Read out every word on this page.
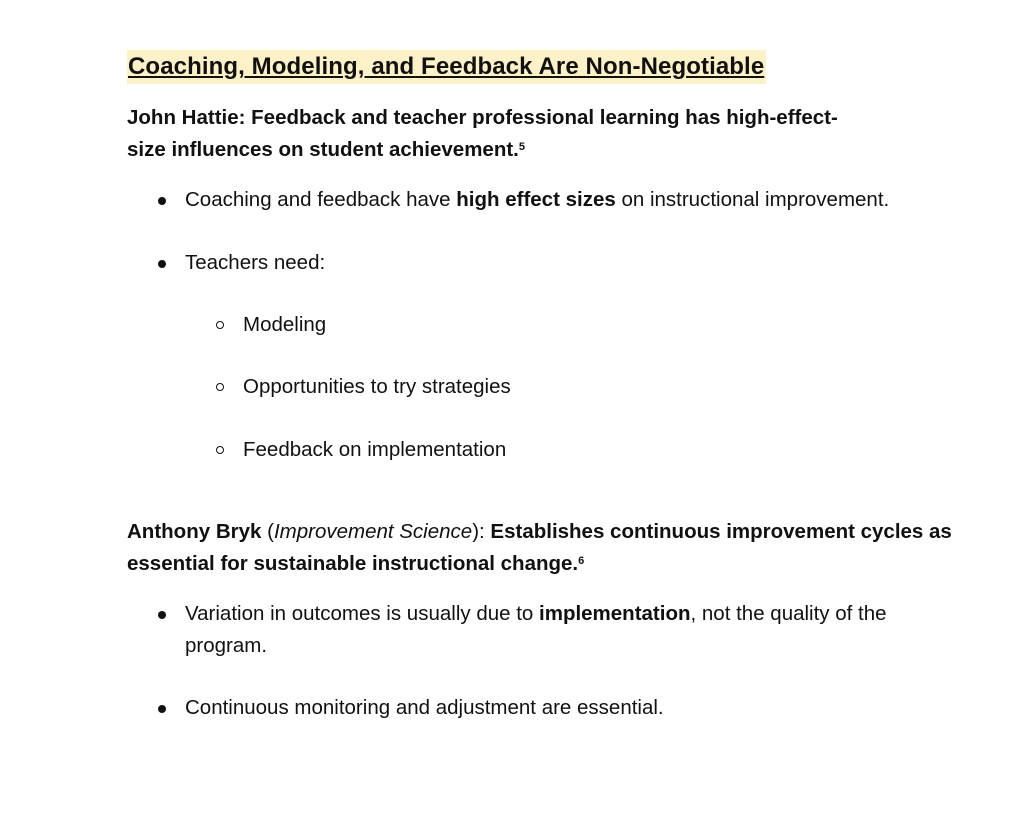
Coaching, Modeling, and Feedback Are Non-Negotiable

John Hattie: Feedback and teacher professional learning has high-effect-size influences on student achievement.$^5$

Coaching and feedback have high effect sizes on instructional improvement.
Teachers need:
Modeling
Opportunities to try strategies
Feedback on implementation

Anthony Bryk (Improvement Science): Establishes continuous improvement cycles as essential for sustainable instructional change.$^6$

Variation in outcomes is usually due to implementation, not the quality of the program.
Continuous monitoring and adjustment are essential.
